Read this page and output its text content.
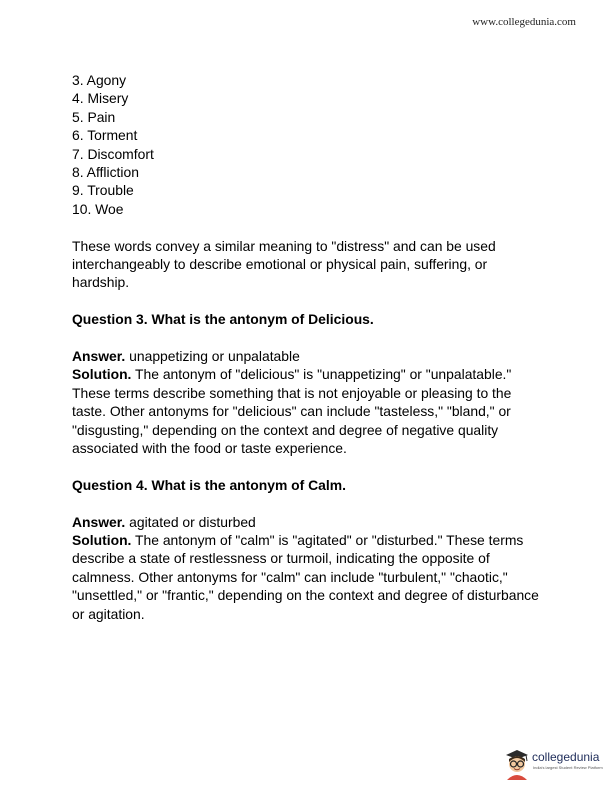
www.collegedunia.com
3. Agony
4. Misery
5. Pain
6. Torment
7. Discomfort
8. Affliction
9. Trouble
10. Woe

These words convey a similar meaning to "distress" and can be used interchangeably to describe emotional or physical pain, suffering, or hardship.

Question 3. What is the antonym of Delicious.

Answer. unappetizing or unpalatable

Solution. The antonym of "delicious" is "unappetizing" or "unpalatable." These terms describe something that is not enjoyable or pleasing to the taste. Other antonyms for "delicious" can include "tasteless," "bland," or "disgusting," depending on the context and degree of negative quality associated with the food or taste experience.

Question 4. What is the antonym of Calm.

Answer. agitated or disturbed

Solution. The antonym of "calm" is "agitated" or "disturbed." These terms describe a state of restlessness or turmoil, indicating the opposite of calmness. Other antonyms for "calm" can include "turbulent," "chaotic," "unsettled," or "frantic," depending on the context and degree of disturbance or agitation.

collegedunia
India's largest Student Review Platform
